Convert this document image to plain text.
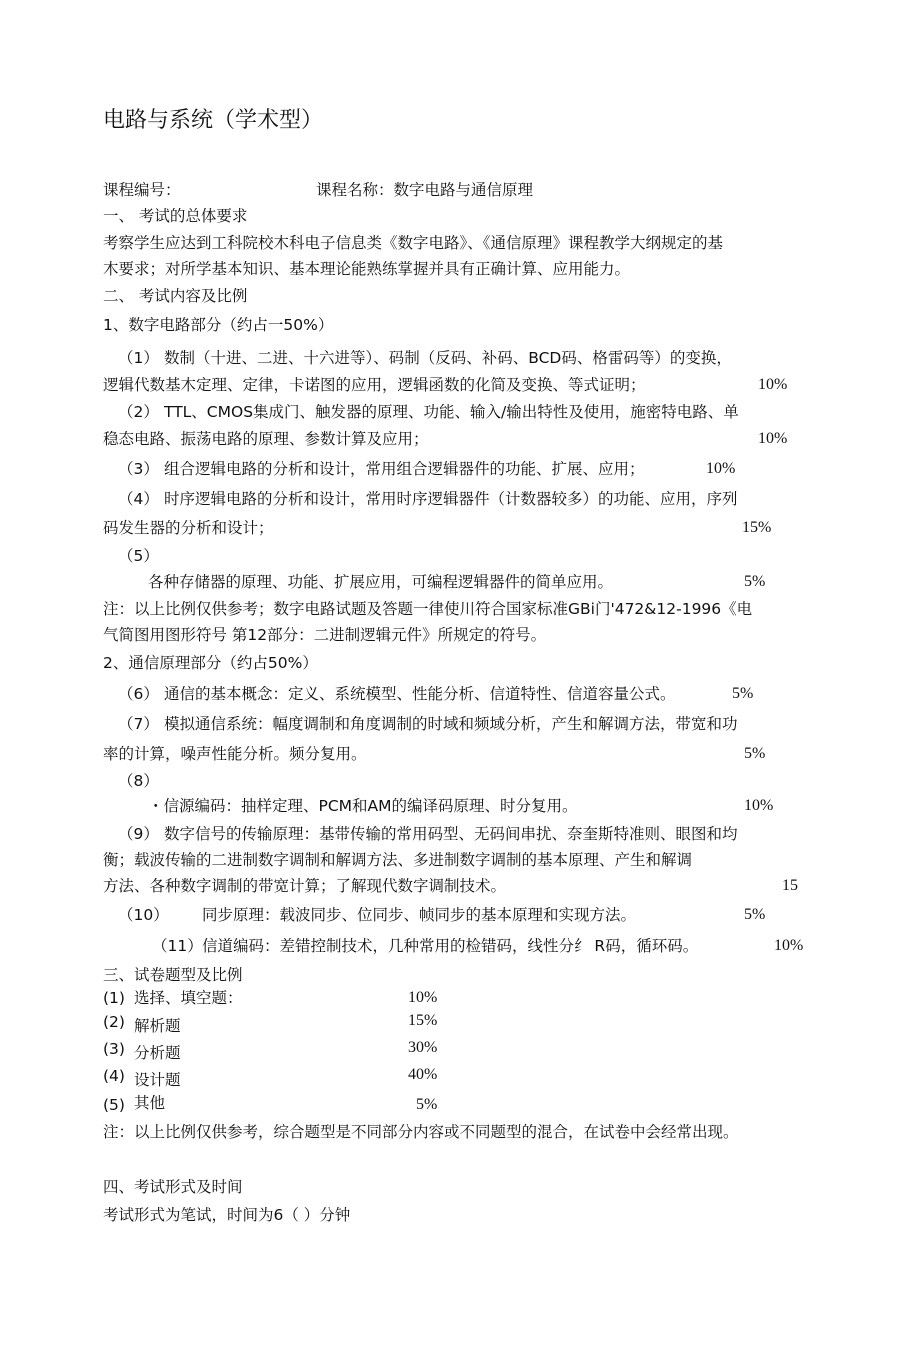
电路与系统（学术型）
课程编号：	课程名称：数字电路与通信原理
一、 考试的总体要求
考察学生应达到工科院校木科电子信息类《数字电路》、《通信原理》课程教学大纲规定的基
木要求；对所学基本知识、基本理论能熟练掌握并具有正确计算、应用能力。
二、 考试内容及比例
1、数字电路部分（约占一50%）
（1） 数制（十进、二进、十六进等）、码制（反码、补码、BCD码、格雷码等）的变换，
逻辑代数基木定理、定律，卡诺图的应用，逻辑函数的化简及变换、等式证明；	10%
（2） TTL、CMOS集成门、触发器的原理、功能、输入/输出特性及使用，施密特电路、单
稳态电路、振荡电路的原理、参数计算及应用；	10%
（3） 组合逻辑电路的分析和设计，常用组合逻辑器件的功能、扩展、应用；	10%
（4） 时序逻辑电路的分析和设计，常用时序逻辑器件（计数器较多）的功能、应用，序列
码发生器的分析和设计；	15%
（5）
各种存储器的原理、功能、扩展应用，可编程逻辑器件的简单应用。	5%
注：以上比例仅供参考；数字电路试题及答题一律使川符合国家标准GBi门'472&12-1996《电
气简图用图形符号 第12部分：二进制逻辑元件》所规定的符号。
2、通信原理部分（约占50%）
（6） 通信的基本概念：定义、系统模型、性能分析、信道特性、信道容量公式。	5%
（7） 模拟通信系统：幅度调制和角度调制的时域和频域分析，产生和解调方法，带宽和功
率的计算，噪声性能分析。频分复用。	5%
（8）
・信源编码：抽样定理、PCM和AM的编译码原理、时分复用。	10%
（9） 数字信号的传输原理：基带传输的常用码型、无码间串扰、奈奎斯特准则、眼图和均
衡；载波传输的二进制数字调制和解调方法、多进制数字调制的基本原理、产生和解调
方法、各种数字调制的带宽计算；了解现代数字调制技术。	15
（10） 同步原理：载波同步、位同步、帧同步的基本原理和实现方法。	5%
（11） 信道编码：差错控制技术，几种常用的检错码，线性分纟 R码，循环码。	10%
三、试卷题型及比例
(1) 选择、填空题：	10%
(2) 解析题	15%
(3) 分析题	30%
(4) 设计题	40%
(5) 其他	5%
注：以上比例仅供参考，综合题型是不同部分内容或不同题型的混合，在试卷中会经常出现。
四、考试形式及时间
考试形式为笔试，时间为6（ ）分钟
